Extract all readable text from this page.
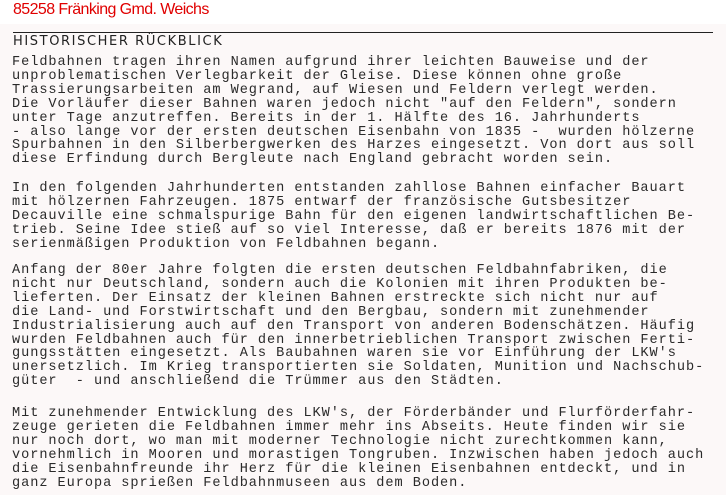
85258 Fränking Gmd. Weichs
HISTORISCHER RÜCKBLICK
Feldbahnen tragen ihren Namen aufgrund ihrer leichten Bauweise und der
unproblematischen Verlegbarkeit der Gleise. Diese können ohne große
Trassierungsarbeiten am Wegrand, auf Wiesen und Feldern verlegt werden.
Die Vorläufer dieser Bahnen waren jedoch nicht "auf den Feldern", sondern
unter Tage anzutreffen. Bereits in der 1. Hälfte des 16. Jahrhunderts
- also lange vor der ersten deutschen Eisenbahn von 1835 -  wurden hölzerne
Spurbahnen in den Silberbergwerken des Harzes eingesetzt. Von dort aus soll
diese Erfindung durch Bergleute nach England gebracht worden sein.
In den folgenden Jahrhunderten entstanden zahllose Bahnen einfacher Bauart
mit hölzernen Fahrzeugen. 1875 entwarf der französische Gutsbesitzer
Decauville eine schmalspurige Bahn für den eigenen landwirtschaftlichen Be-
trieb. Seine Idee stieß auf so viel Interesse, daß er bereits 1876 mit der
serienmäßigen Produktion von Feldbahnen begann.
Anfang der 80er Jahre folgten die ersten deutschen Feldbahnfabriken, die
nicht nur Deutschland, sondern auch die Kolonien mit ihren Produkten be-
lieferten. Der Einsatz der kleinen Bahnen erstreckte sich nicht nur auf
die Land- und Forstwirtschaft und den Bergbau, sondern mit zunehmender
Industrialisierung auch auf den Transport von anderen Bodenschätzen. Häufig
wurden Feldbahnen auch für den innerbetrieblichen Transport zwischen Ferti-
gungsstätten eingesetzt. Als Baubahnen waren sie vor Einführung der LKW's
unersetzlich. Im Krieg transportierten sie Soldaten, Munition und Nachschub-
güter  - und anschließend die Trümmer aus den Städten.
Mit zunehmender Entwicklung des LKW's, der Förderbänder und Flurförderfahr-
zeuge gerieten die Feldbahnen immer mehr ins Abseits. Heute finden wir sie
nur noch dort, wo man mit moderner Technologie nicht zurechtkommen kann,
vornehmlich in Mooren und morastigen Tongruben. Inzwischen haben jedoch auch
die Eisenbahnfreunde ihr Herz für die kleinen Eisenbahnen entdeckt, und in
ganz Europa sprießen Feldbahnmuseen aus dem Boden.
